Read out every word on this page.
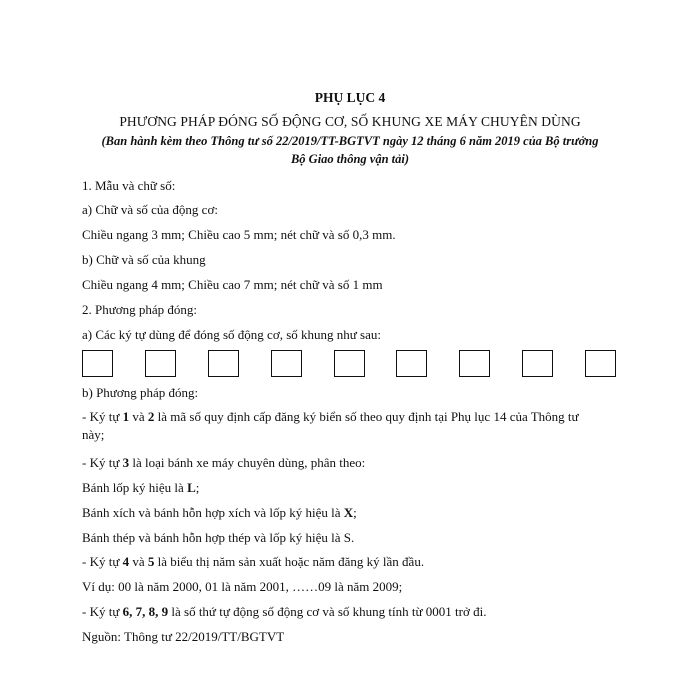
PHỤ LỤC 4
PHƯƠNG PHÁP ĐÓNG SỐ ĐỘNG CƠ, SỐ KHUNG XE MÁY CHUYÊN DÙNG
(Ban hành kèm theo Thông tư số 22/2019/TT-BGTVT ngày 12 tháng 6 năm 2019 của Bộ trưởng
Bộ Giao thông vận tải)
1. Mẫu và chữ số:
a) Chữ và số của động cơ:
Chiều ngang 3 mm; Chiều cao 5 mm; nét chữ và số 0,3 mm.
b) Chữ và số của khung
Chiều ngang 4 mm; Chiều cao 7 mm; nét chữ và số 1 mm
2. Phương pháp đóng:
a) Các ký tự dùng để đóng số động cơ, số khung như sau:
b) Phương pháp đóng:
- Ký tự 1 và 2 là mã số quy định cấp đăng ký biển số theo quy định tại Phụ lục 14 của Thông tư
này;
- Ký tự 3 là loại bánh xe máy chuyên dùng, phân theo:
Bánh lốp ký hiệu là L;
Bánh xích và bánh hỗn hợp xích và lốp ký hiệu là X;
Bánh thép và bánh hỗn hợp thép và lốp ký hiệu là S.
- Ký tự 4 và 5 là biểu thị năm sản xuất hoặc năm đăng ký lần đầu.
Ví dụ: 00 là năm 2000, 01 là năm 2001, ……09 là năm 2009;
- Ký tự 6, 7, 8, 9 là số thứ tự động số động cơ và số khung tính từ 0001 trở đi.
Nguồn: Thông tư 22/2019/TT/BGTVT
